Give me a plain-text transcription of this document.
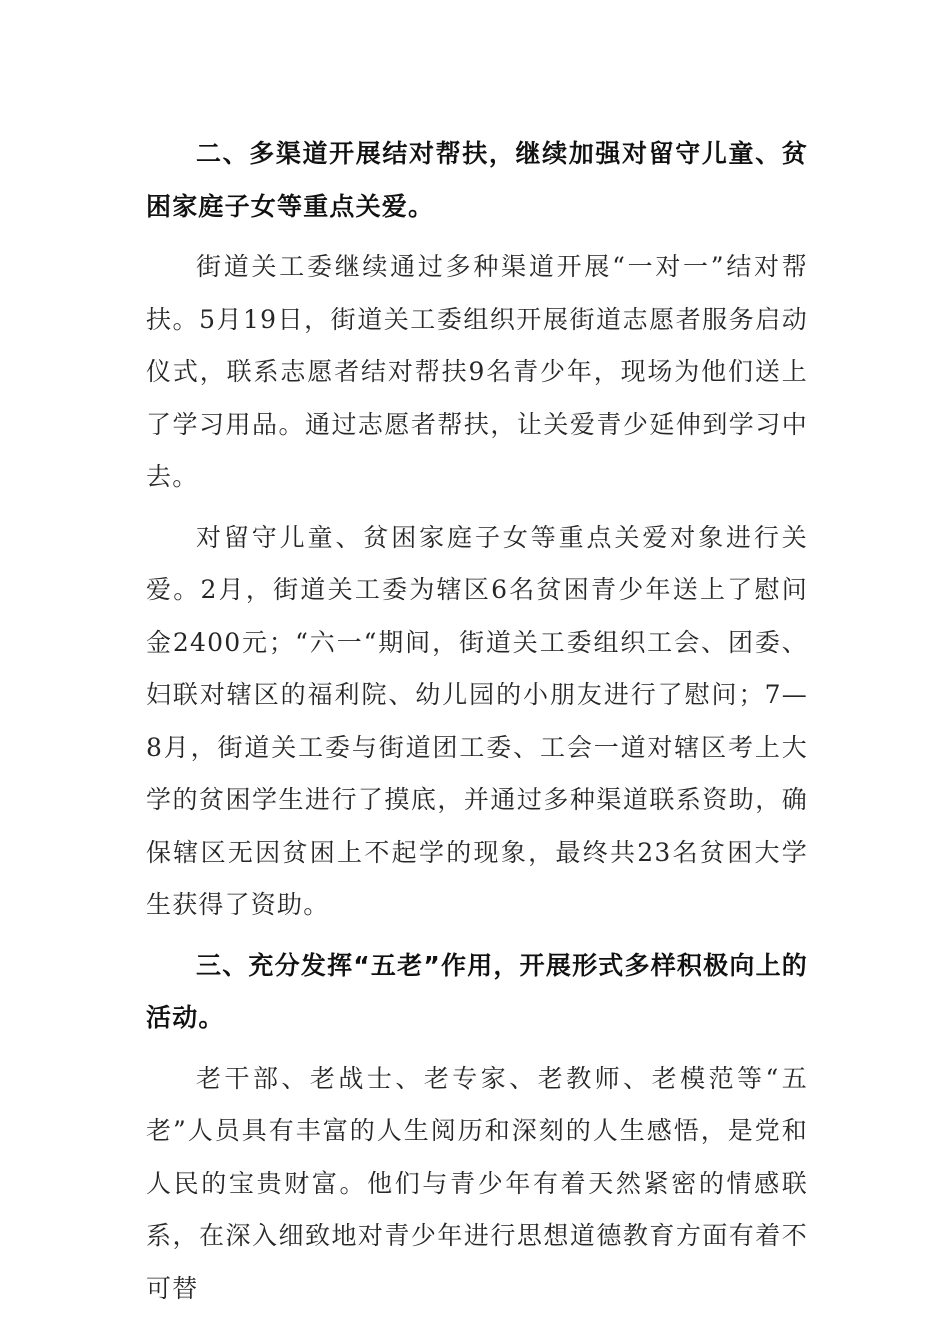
二、多渠道开展结对帮扶，继续加强对留守儿童、贫困家庭子女等重点关爱。

街道关工委继续通过多种渠道开展“一对一”结对帮扶。5月19日，街道关工委组织开展街道志愿者服务启动仪式，联系志愿者结对帮扶9名青少年，现场为他们送上了学习用品。通过志愿者帮扶，让关爱青少延伸到学习中去。

对留守儿童、贫困家庭子女等重点关爱对象进行关爱。2月，街道关工委为辖区6名贫困青少年送上了慰问金2400元；“六一“期间，街道关工委组织工会、团委、妇联对辖区的福利院、幼儿园的小朋友进行了慰问；7—8月，街道关工委与街道团工委、工会一道对辖区考上大学的贫困学生进行了摸底，并通过多种渠道联系资助，确保辖区无因贫困上不起学的现象，最终共23名贫困大学生获得了资助。

三、充分发挥“五老”作用，开展形式多样积极向上的活动。

老干部、老战士、老专家、老教师、老模范等“五老”人员具有丰富的人生阅历和深刻的人生感悟，是党和人民的宝贵财富。他们与青少年有着天然紧密的情感联系，在深入细致地对青少年进行思想道德教育方面有着不可替
